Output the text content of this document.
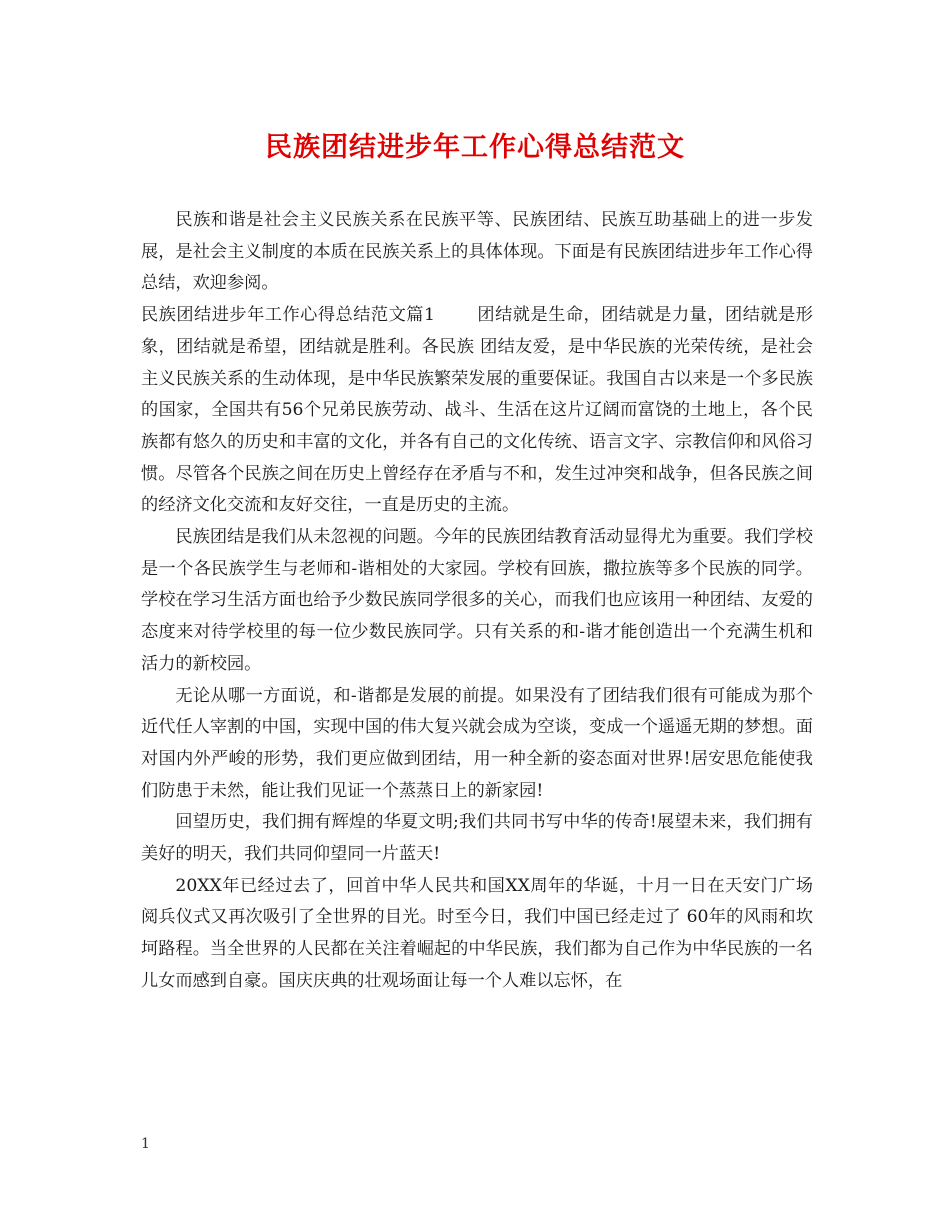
民族团结进步年工作心得总结范文

民族和谐是社会主义民族关系在民族平等、民族团结、民族互助基础上的进一步发展，是社会主义制度的本质在民族关系上的具体体现。下面是有民族团结进步年工作心得总结，欢迎参阅。

民族团结进步年工作心得总结范文篇1 团结就是生命，团结就是力量，团结就是形象，团结就是希望，团结就是胜利。各民族 团结友爱，是中华民族的光荣传统，是社会主义民族关系的生动体现，是中华民族繁荣发展的重要保证。我国自古以来是一个多民族的国家，全国共有56个兄弟民族劳动、战斗、生活在这片辽阔而富饶的土地上，各个民族都有悠久的历史和丰富的文化，并各有自己的文化传统、语言文字、宗教信仰和风俗习惯。尽管各个民族之间在历史上曾经存在矛盾与不和，发生过冲突和战争，但各民族之间的经济文化交流和友好交往，一直是历史的主流。

民族团结是我们从未忽视的问题。今年的民族团结教育活动显得尤为重要。我们学校是一个各民族学生与老师和-谐相处的大家园。学校有回族，撒拉族等多个民族的同学。学校在学习生活方面也给予少数民族同学很多的关心，而我们也应该用一种团结、友爱的态度来对待学校里的每一位少数民族同学。只有关系的和-谐才能创造出一个充满生机和活力的新校园。

无论从哪一方面说，和-谐都是发展的前提。如果没有了团结我们很有可能成为那个近代任人宰割的中国，实现中国的伟大复兴就会成为空谈，变成一个遥遥无期的梦想。面对国内外严峻的形势，我们更应做到团结，用一种全新的姿态面对世界!居安思危能使我们防患于未然，能让我们见证一个蒸蒸日上的新家园!

回望历史，我们拥有辉煌的华夏文明;我们共同书写中华的传奇!展望未来，我们拥有美好的明天，我们共同仰望同一片蓝天!

20XX年已经过去了，回首中华人民共和国XX周年的华诞，十月一日在天安门广场阅兵仪式又再次吸引了全世界的目光。时至今日，我们中国已经走过了 60年的风雨和坎坷路程。当全世界的人民都在关注着崛起的中华民族，我们都为自己作为中华民族的一名儿女而感到自豪。国庆庆典的壮观场面让每一个人难以忘怀，在

1
